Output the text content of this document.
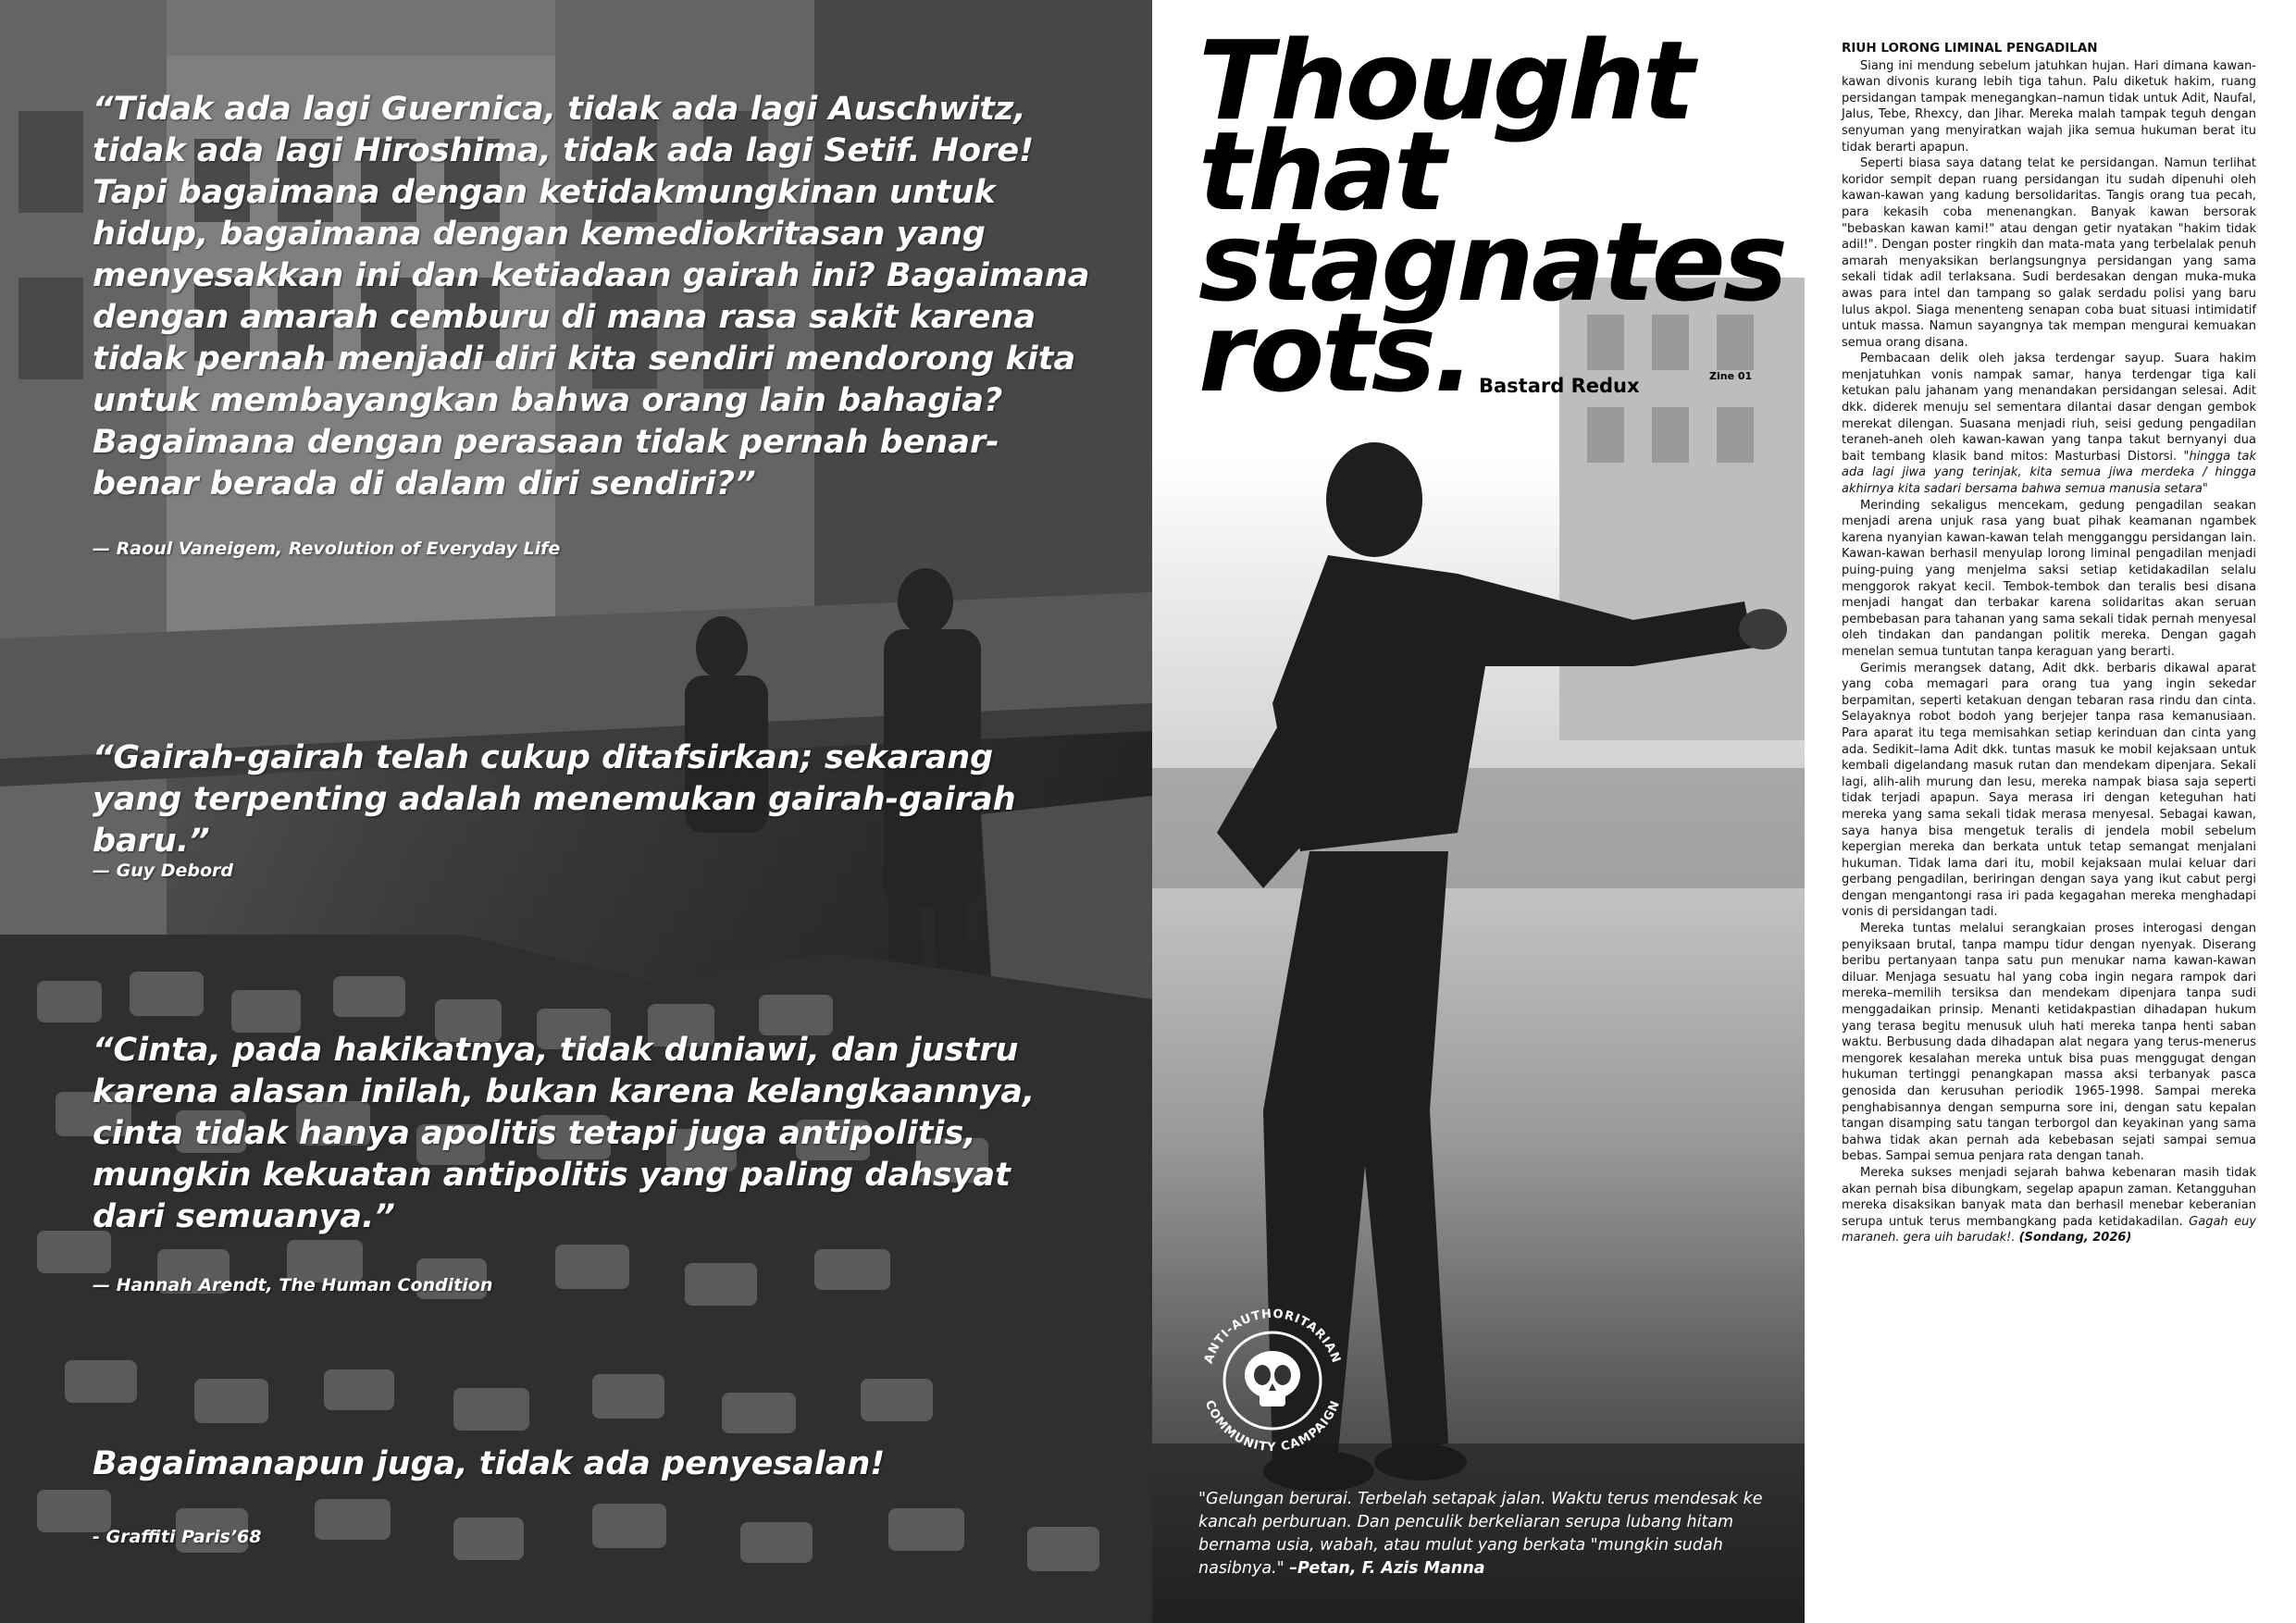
“Tidak ada lagi Guernica, tidak ada lagi Auschwitz, tidak ada lagi Hiroshima, tidak ada lagi Setif. Hore! Tapi bagaimana dengan ketidakmungkinan untuk hidup, bagaimana dengan kemediokritasan yang menyesakkan ini dan ketiadaan gairah ini? Bagaimana dengan amarah cemburu di mana rasa sakit karena tidak pernah menjadi diri kita sendiri mendorong kita untuk membayangkan bahwa orang lain bahagia? Bagaimana dengan perasaan tidak pernah benar-benar berada di dalam diri sendiri?”
— Raoul Vaneigem, Revolution of Everyday Life
“Gairah-gairah telah cukup ditafsirkan; sekarang yang terpenting adalah menemukan gairah-gairah baru.”
— Guy Debord
“Cinta, pada hakikatnya, tidak duniawi, dan justru karena alasan inilah, bukan karena kelangkaannya, cinta tidak hanya apolitis tetapi juga antipolitis, mungkin kekuatan antipolitis yang paling dahsyat dari semuanya.”
— Hannah Arendt, The Human Condition
Bagaimanapun juga, tidak ada penyesalan!
- Graffiti Paris’68
Thought
that
stagnates
rots. Bastard Redux	Zine 01
ANTI-AUTHORITARIAN
COMMUNITY CAMPAIGN
"Gelungan berurai. Terbelah setapak jalan. Waktu terus mendesak ke kancah perburuan. Dan penculik berkeliaran serupa lubang hitam bernama usia, wabah, atau mulut yang berkata "mungkin sudah nasibnya." –Petan, F. Azis Manna
RIUH LORONG LIMINAL PENGADILAN

Siang ini mendung sebelum jatuhkan hujan. Hari dimana kawan-kawan divonis kurang lebih tiga tahun. Palu diketuk hakim, ruang persidangan tampak menegangkan–namun tidak untuk Adit, Naufal, Jalus, Tebe, Rhexcy, dan Jihar. Mereka malah tampak teguh dengan senyuman yang menyiratkan wajah jika semua hukuman berat itu tidak berarti apapun.

Seperti biasa saya datang telat ke persidangan. Namun terlihat koridor sempit depan ruang persidangan itu sudah dipenuhi oleh kawan-kawan yang kadung bersolidaritas. Tangis orang tua pecah, para kekasih coba menenangkan. Banyak kawan bersorak "bebaskan kawan kami!" atau dengan getir nyatakan "hakim tidak adil!". Dengan poster ringkih dan mata-mata yang terbelalak penuh amarah menyaksikan berlangsungnya persidangan yang sama sekali tidak adil terlaksana. Sudi berdesakan dengan muka-muka awas para intel dan tampang so galak serdadu polisi yang baru lulus akpol. Siaga menenteng senapan coba buat situasi intimidatif untuk massa. Namun sayangnya tak mempan mengurai kemuakan semua orang disana.

Pembacaan delik oleh jaksa terdengar sayup. Suara hakim menjatuhkan vonis nampak samar, hanya terdengar tiga kali ketukan palu jahanam yang menandakan persidangan selesai. Adit dkk. diderek menuju sel sementara dilantai dasar dengan gembok merekat dilengan. Suasana menjadi riuh, seisi gedung pengadilan teraneh-aneh oleh kawan-kawan yang tanpa takut bernyanyi dua bait tembang klasik band mitos: Masturbasi Distorsi. "hingga tak ada lagi jiwa yang terinjak, kita semua jiwa merdeka / hingga akhirnya kita sadari bersama bahwa semua manusia setara"

Merinding sekaligus mencekam, gedung pengadilan seakan menjadi arena unjuk rasa yang buat pihak keamanan ngambek karena nyanyian kawan-kawan telah mengganggu persidangan lain. Kawan-kawan berhasil menyulap lorong liminal pengadilan menjadi puing-puing yang menjelma saksi setiap ketidakadilan selalu menggorok rakyat kecil. Tembok-tembok dan teralis besi disana menjadi hangat dan terbakar karena solidaritas akan seruan pembebasan para tahanan yang sama sekali tidak pernah menyesal oleh tindakan dan pandangan politik mereka. Dengan gagah menelan semua tuntutan tanpa keraguan yang berarti.

Gerimis merangsek datang, Adit dkk. berbaris dikawal aparat yang coba memagari para orang tua yang ingin sekedar berpamitan, seperti ketakuan dengan tebaran rasa rindu dan cinta. Selayaknya robot bodoh yang berjejer tanpa rasa kemanusiaan. Para aparat itu tega memisahkan setiap kerinduan dan cinta yang ada. Sedikit–lama Adit dkk. tuntas masuk ke mobil kejaksaan untuk kembali digelandang masuk rutan dan mendekam dipenjara. Sekali lagi, alih-alih murung dan lesu, mereka nampak biasa saja seperti tidak terjadi apapun. Saya merasa iri dengan keteguhan hati mereka yang sama sekali tidak merasa menyesal. Sebagai kawan, saya hanya bisa mengetuk teralis di jendela mobil sebelum kepergian mereka dan berkata untuk tetap semangat menjalani hukuman. Tidak lama dari itu, mobil kejaksaan mulai keluar dari gerbang pengadilan, beriringan dengan saya yang ikut cabut pergi dengan mengantongi rasa iri pada kegagahan mereka menghadapi vonis di persidangan tadi.

Mereka tuntas melalui serangkaian proses interogasi dengan penyiksaan brutal, tanpa mampu tidur dengan nyenyak. Diserang beribu pertanyaan tanpa satu pun menukar nama kawan-kawan diluar. Menjaga sesuatu hal yang coba ingin negara rampok dari mereka–memilih tersiksa dan mendekam dipenjara tanpa sudi menggadaikan prinsip. Menanti ketidakpastian dihadapan hukum yang terasa begitu menusuk uluh hati mereka tanpa henti saban waktu. Berbusung dada dihadapan alat negara yang terus-menerus mengorek kesalahan mereka untuk bisa puas menggugat dengan hukuman tertinggi penangkapan massa aksi terbanyak pasca genosida dan kerusuhan periodik 1965-1998. Sampai mereka penghabisannya dengan sempurna sore ini, dengan satu kepalan tangan disamping satu tangan terborgol dan keyakinan yang sama bahwa tidak akan pernah ada kebebasan sejati sampai semua bebas. Sampai semua penjara rata dengan tanah.

Mereka sukses menjadi sejarah bahwa kebenaran masih tidak akan pernah bisa dibungkam, segelap apapun zaman. Ketangguhan mereka disaksikan banyak mata dan berhasil menebar keberanian serupa untuk terus membangkang pada ketidakadilan. Gagah euy maraneh. gera uih barudak!. (Sondang, 2026)
